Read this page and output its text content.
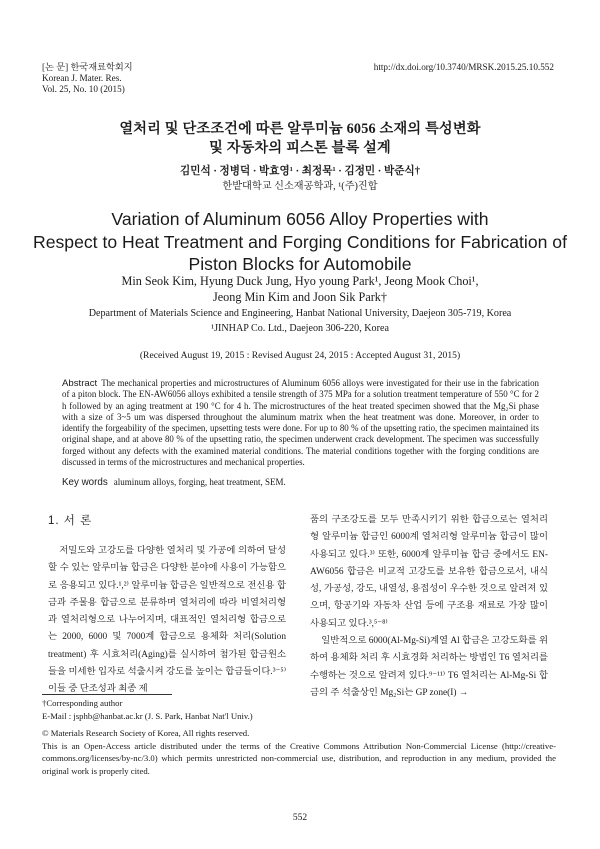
[논 문] 한국재료학회지
Korean J. Mater. Res.
Vol. 25, No. 10 (2015)
http://dx.doi.org/10.3740/MRSK.2015.25.10.552
열처리 및 단조조건에 따른 알루미늄 6056 소재의 특성변화
및 자동차의 피스톤 블록 설계
김민석 · 정병덕 · 박효영¹ · 최정묵¹ · 김정민 · 박준식†
한밭대학교 신소재공학과, ¹(주)진합
Variation of Aluminum 6056 Alloy Properties with
Respect to Heat Treatment and Forging Conditions for Fabrication of
Piston Blocks for Automobile
Min Seok Kim, Hyung Duck Jung, Hyo young Park¹, Jeong Mook Choi¹,
Jeong Min Kim and Joon Sik Park†
Department of Materials Science and Engineering, Hanbat National University, Daejeon 305-719, Korea
¹JINHAP Co. Ltd., Daejeon 306-220, Korea
(Received August 19, 2015 : Revised August 24, 2015 : Accepted August 31, 2015)
Abstract The mechanical properties and microstructures of Aluminum 6056 alloys were investigated for their use in the fabrication of a piton block. The EN-AW6056 alloys exhibited a tensile strength of 375 MPa for a solution treatment temperature of 550 °C for 2 h followed by an aging treatment at 190 °C for 4 h. The microstructures of the heat treated specimen showed that the Mg₂Si phase with a size of 3~5 um was dispersed throughout the aluminum matrix when the heat treatment was done. Moreover, in order to identify the forgeability of the specimen, upsetting tests were done. For up to 80 % of the upsetting ratio, the specimen maintained its original shape, and at above 80 % of the upsetting ratio, the specimen underwent crack development. The specimen was successfully forged without any defects with the examined material conditions. The material conditions together with the forging conditions are discussed in terms of the microstructures and mechanical properties.
Key words aluminum alloys, forging, heat treatment, SEM.
1. 서 론
저밀도와 고강도를 다양한 열처리 및 가공에 의하여 달성할 수 있는 알루미늄 합금은 다양한 분야에 사용이 가능함으로 응용되고 있다.¹,²⁾ 알루미늄 합금은 일반적으로 전신용 합금과 주물용 합금으로 분류하며 열처리에 따라 비열처리형과 열처리형으로 나누어지며, 대표적인 열처리형 합금으로는 2000, 6000 및 7000계 합금으로 용체화 처리(Solution treatment) 후 시효처리(Aging)를 실시하여 첨가된 합금원소들을 미세한 입자로 석출시켜 강도를 높이는 합금들이다.³⁻⁵⁾ 이들 중 단조성과 최종 제
품의 구조강도를 모두 만족시키기 위한 합금으로는 열처리형 알루미늄 합금인 6000계 열처리형 알루미늄 합금이 많이 사용되고 있다.³⁾ 또한, 6000계 알루미늄 합금 중에서도 EN-AW6056 합금은 비교적 고강도를 보유한 합금으로서, 내식성, 가공성, 강도, 내열성, 용접성이 우수한 것으로 알려져 있으며, 항공기와 자동차 산업 등에 구조용 재료로 가장 많이 사용되고 있다.³,⁵⁻⁸⁾
일반적으로 6000(Al-Mg-Si)계열 Al 합금은 고강도화를 위하여 용체화 처리 후 시효경화 처리하는 방법인 T6 열처리를 수행하는 것으로 알려져 있다.⁹⁻¹¹⁾ T6 열처리는 Al-Mg-Si 합금의 주 석출상인 Mg₂Si는 GP zone(I) →
†Corresponding author
E-Mail : jsphb@hanbat.ac.kr (J. S. Park, Hanbat Nat'l Univ.)
© Materials Research Society of Korea, All rights reserved.
This is an Open-Access article distributed under the terms of the Creative Commons Attribution Non-Commercial License (http://creative-commons.org/licenses/by-nc/3.0) which permits unrestricted non-commercial use, distribution, and reproduction in any medium, provided the original work is properly cited.
552
